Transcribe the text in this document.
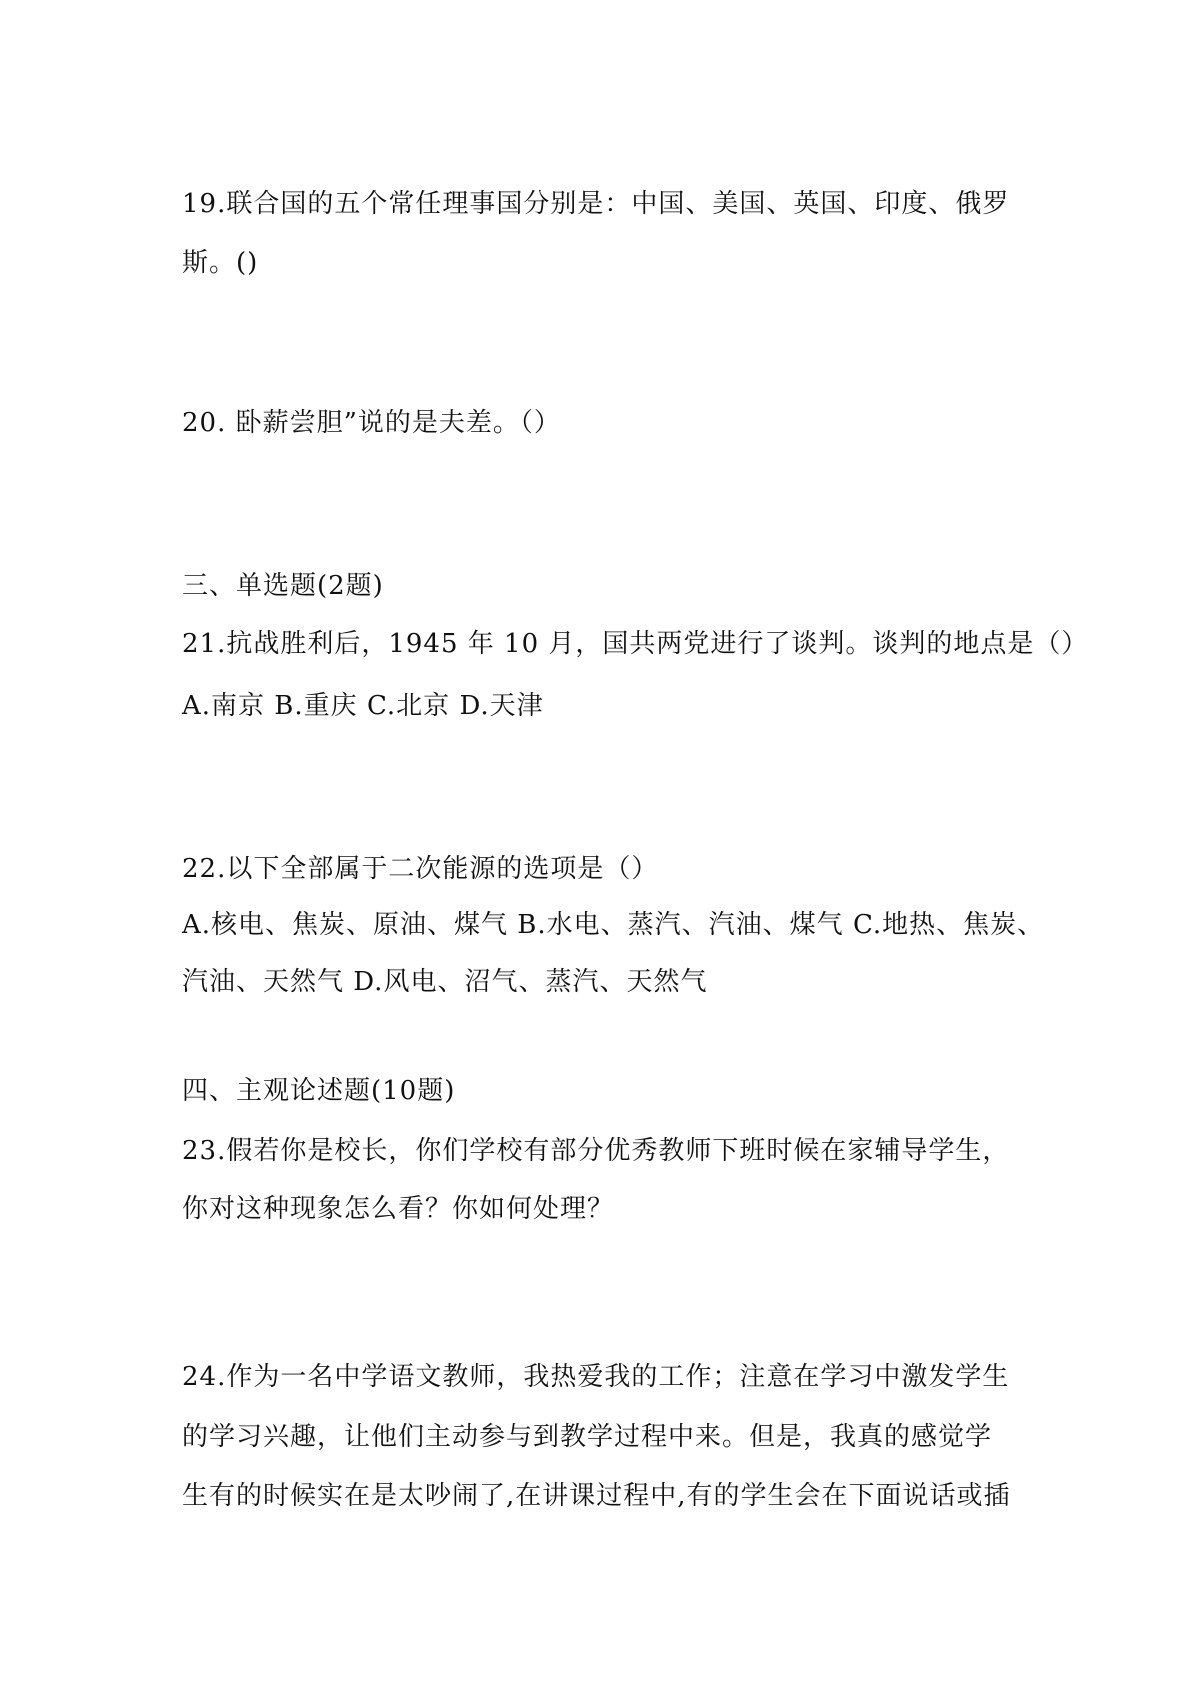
19.联合国的五个常任理事国分别是：中国、美国、英国、印度、俄罗
斯。()
20. 卧薪尝胆”说的是夫差。（）
三、单选题(2题)
21.抗战胜利后，1945 年 10 月，国共两党进行了谈判。谈判的地点是（）
A.南京 B.重庆 C.北京 D.天津
22.以下全部属于二次能源的选项是（）
A.核电、焦炭、原油、煤气 B.水电、蒸汽、汽油、煤气 C.地热、焦炭、
汽油、天然气 D.风电、沼气、蒸汽、天然气
四、主观论述题(10题)
23.假若你是校长，你们学校有部分优秀教师下班时候在家辅导学生，
你对这种现象怎么看？你如何处理？
24.作为一名中学语文教师，我热爱我的工作；注意在学习中激发学生
的学习兴趣，让他们主动参与到教学过程中来。但是，我真的感觉学
生有的时候实在是太吵闹了,在讲课过程中,有的学生会在下面说话或插
